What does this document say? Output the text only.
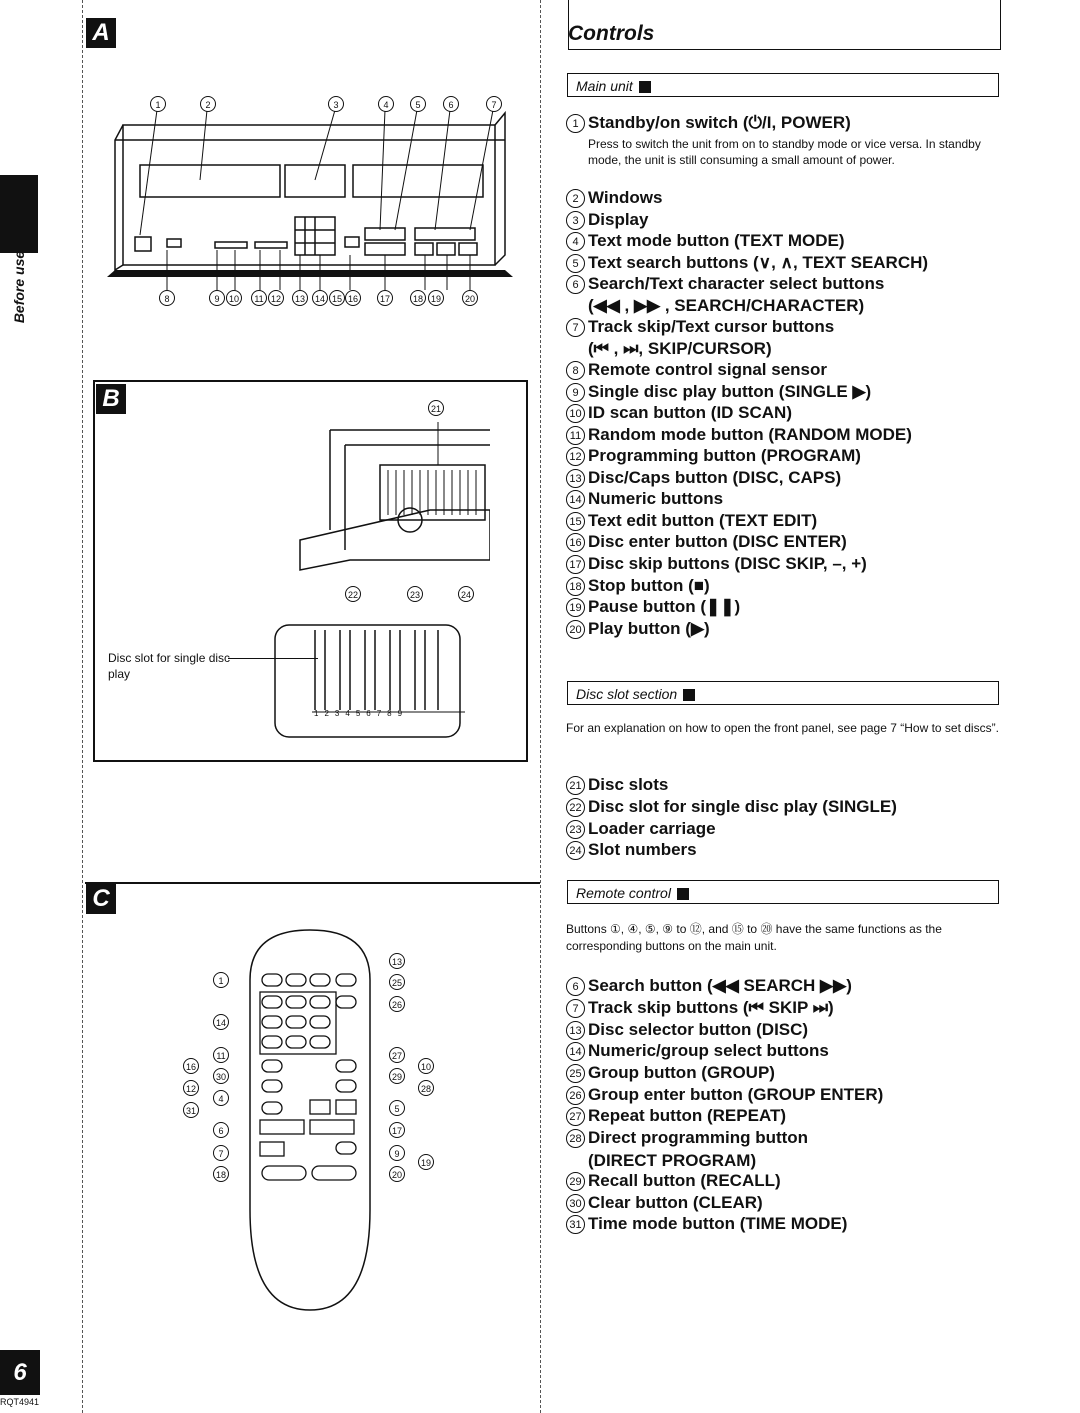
Before use
6
RQT4941
A
1	2	3	4	5	6	7
8	9	10	11 12	13	14 15 16	17	18 19	20
B
123456789
Disc slot for single disc play
21
22	23	24
C
1
14
11
16
30
12
4
31
6
7
18
13
25
26
27
10
29
28
5
17
9
19
20
Controls
Main unit
1 Standby/on switch (⏻/I, POWER)
2 Windows
3 Display
4 Text mode button (TEXT MODE)
5 Text search buttons (∨, ∧, TEXT SEARCH)
6 Search/Text character select buttons
7 Track skip/Text cursor buttons
8 Remote control signal sensor
9 Single disc play button (SINGLE ▶)
10 ID scan button (ID SCAN)
11 Random mode button (RANDOM MODE)
12 Programming button (PROGRAM)
13 Disc/Caps button (DISC, CAPS)
14 Numeric buttons
15 Text edit button (TEXT EDIT)
16 Disc enter button (DISC ENTER)
17 Disc skip buttons (DISC SKIP, –, +)
18 Stop button (■)
19 Pause button (❚❚)
20 Play button (▶)
Press to switch the unit from on to standby mode or vice versa. In standby mode, the unit is still consuming a small amount of power.
(◀◀ , ▶▶ , SEARCH/CHARACTER)
(⏮ , ⏭, SKIP/CURSOR)
Disc slot section
For an explanation on how to open the front panel, see page 7 “How to set discs”.
21 Disc slots
22 Disc slot for single disc play (SINGLE)
23 Loader carriage
24 Slot numbers
Remote control
Buttons ①, ④, ⑤, ⑨ to ⑫, and ⑮ to ⑳ have the same functions as the corresponding buttons on the main unit.
6 Search button (◀◀ SEARCH ▶▶)
7 Track skip buttons (⏮ SKIP ⏭)
13 Disc selector button (DISC)
14 Numeric/group select buttons
25 Group button (GROUP)
26 Group enter button (GROUP ENTER)
27 Repeat button (REPEAT)
28 Direct programming button
29 Recall button (RECALL)
30 Clear button (CLEAR)
31 Time mode button (TIME MODE)
(DIRECT PROGRAM)
